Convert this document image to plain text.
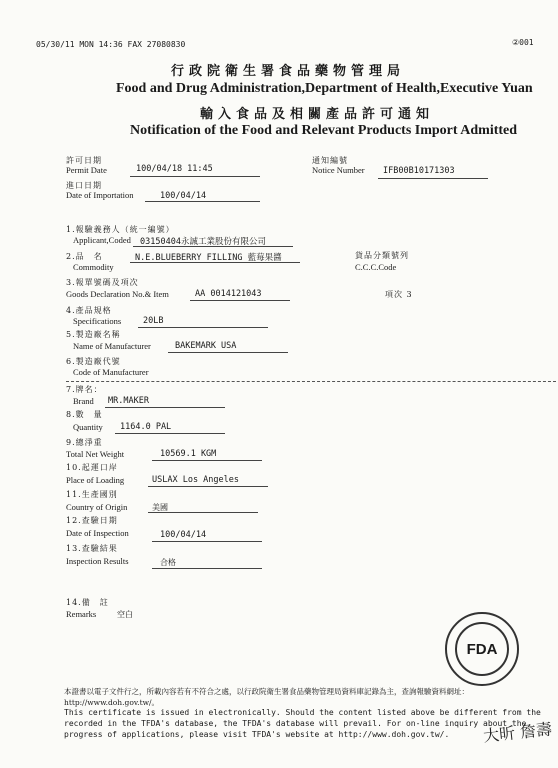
05/30/11 MON 14:36 FAX 27080830	②001
行政院衛生署食品藥物管理局
Food and Drug Administration,Department of Health,Executive Yuan
輸入食品及相關產品許可通知
Notification of the Food and Relevant Products Import Admitted
許可日期
Permit Date	100/04/18 11:45
通知編號
Notice Number IFB00B10171303
進口日期
Date of Importation	100/04/14
1.報驗義務人（統一編號）
Applicant,Coded 03150404永誠工業股份有限公司
2.品　名
Commodity
N.E.BLUEBERRY FILLING 藍莓果醬	貨品分類號列
C.C.C.Code
3.報單號碼及項次
Goods Declaration No.& Item	AA 0014121043	項次 3
4.產品規格
Specifications	20LB
5.製造廠名稱
Name of Manufacturer	BAKEMARK USA
6.製造廠代號
Code of Manufacturer
7.牌名：
Brand MR.MAKER
8.數　量
Quantity 1164.0 PAL
9.總淨重
Total Net Weight	10569.1 KGM
10.起運口岸
Place of Loading	USLAX Los Angeles
11.生產國別
Country of Origin	美國
12.查驗日期
Date of Inspection	100/04/14
13.查驗結果
Inspection Results	合格
14.備　註
Remarks	空白
FDA
本證書以電子文件行之，所載內容若有不符合之處，以行政院衛生署食品藥物管理局資料庫記錄為主，查詢報驗資料網址：http://www.doh.gov.tw/。
This certificate is issued in electronically. Should the content listed above be different from the
recorded in the TFDA's database, the TFDA's database will prevail. For on-line inquiry about the
progress of applications, please visit TFDA's website at http://www.doh.gov.tw/. 大昕 詹壽
